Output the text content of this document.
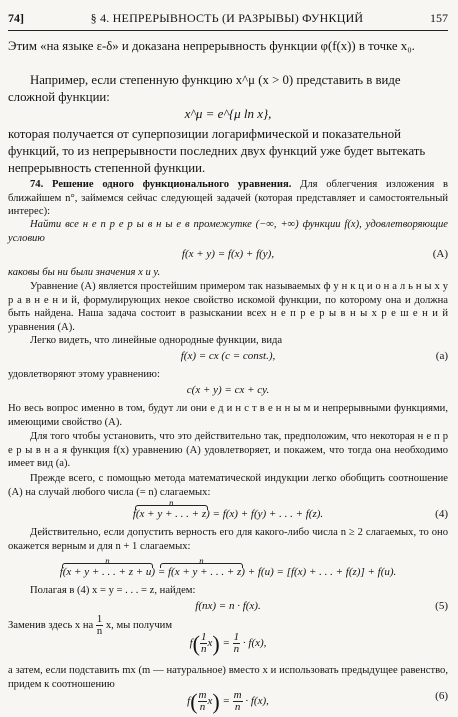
74]	§ 4. НЕПРЕРЫВНОСТЬ (И РАЗРЫВЫ) ФУНКЦИЙ	157

Этим «на языке ε-δ» и доказана непрерывность функции φ(f(x)) в точке x₀.

Например, если степенную функцию x^μ (x > 0) представить в виде сложной функции:

x^μ = e^{μ ln x},

которая получается от суперпозиции логарифмической и показательной функций, то из непрерывности последних двух функций уже будет вытекать непрерывность степенной функции.

74. Решение одного функционального уравнения. Для облегчения изложения в ближайшем n°, займемся сейчас следующей задачей (которая представляет и самостоятельный интерес):

Найти все н е п р е р ы в н ы е в промежутке (−∞, +∞) функции f(x), удовлетворяющие условию

f(x + y) = f(x) + f(y),	(A)

каковы бы ни были значения x и y.

Уравнение (A) является простейшим примером так называемых ф у н к ц и о н а л ь н ы х у р а в н е н и й, формулирующих некое свойство искомой функции, по которому она и должна быть найдена. Наша задача состоит в разыскании всех н е п р е р ы в н ы х р е ш е н и й уравнения (A).

Легко видеть, что линейные однородные функции, вида

f(x) = cx (c = const.),	(a)

удовлетворяют этому уравнению:

c(x + y) = cx + cy.

Но весь вопрос именно в том, будут ли они е д и н с т в е н н ы м и непрерывными функциями, имеющими свойство (A).

Для того чтобы установить, что это действительно так, предположим, что некоторая н е п р е р ы в н а я функция f(x) уравнению (A) удовлетворяет, и покажем, что тогда она необходимо имеет вид (a).

Прежде всего, с помощью метода математической индукции легко обобщить соотношение (A) на случай любого числа (= n) слагаемых:

n
f(x + y + . . . + z) = f(x) + f(y) + . . . + f(z).	(4)

Действительно, если допустить верность его для какого-либо числа n ≥ 2 слагаемых, то оно окажется верным и для n + 1 слагаемых:

n
f(x + y + . . . + z + u)
n
= f(x + y + . . . + z) + f(u) = [f(x) + . . . + f(z)] + f(u).

Полагая в (4) x = y = . . . = z, найдем:

f(nx) = n · f(x).	(5)

Заменив здесь x на $\frac{1}{n} x$, мы получим

$f( \frac{1}{n} x) = \frac{1}{n} \cdot f(x)$,

а затем, если подставить mx (m — натуральное) вместо x и использовать предыдущее равенство, придем к соотношению

$f( \frac{m}{n} x) = \frac{m}{n} \cdot f(x)$,	(6)
